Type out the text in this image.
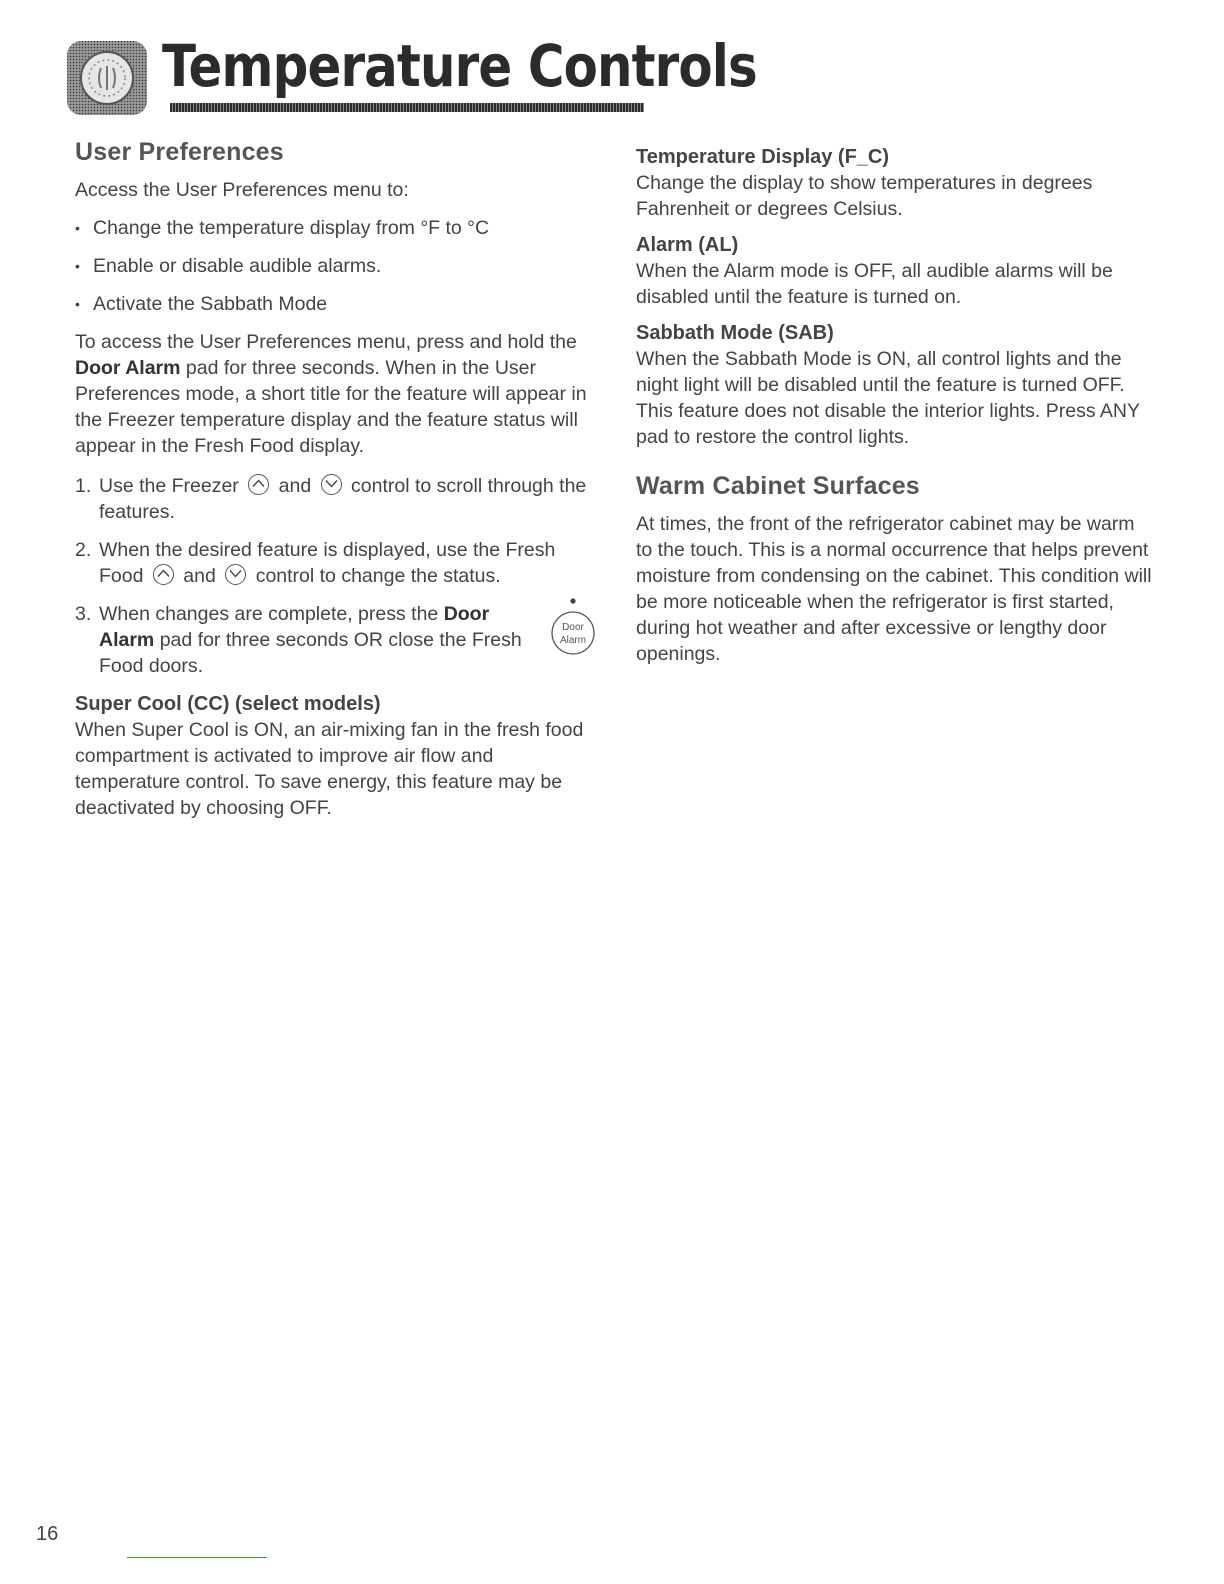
Temperature Controls
User Preferences

Access the User Preferences menu to:

• Change the temperature display from °F to °C
• Enable or disable audible alarms.
• Activate the Sabbath Mode

To access the User Preferences menu, press and hold the Door Alarm pad for three seconds. When in the User Preferences mode, a short title for the feature will appear in the Freezer temperature display and the feature status will appear in the Fresh Food display.

1. Use the Freezer and control to scroll through the features.
2. When the desired feature is displayed, use the Fresh Food and control to change the status.
3. When changes are complete, press the Door Alarm pad for three seconds OR close the Fresh Food doors.
Door
Alarm
Super Cool (CC) (select models)

When Super Cool is ON, an air-mixing fan in the fresh food compartment is activated to improve air flow and temperature control. To save energy, this feature may be deactivated by choosing OFF.

Temperature Display (F_C)

Change the display to show temperatures in degrees Fahrenheit or degrees Celsius.

Alarm (AL)

When the Alarm mode is OFF, all audible alarms will be disabled until the feature is turned on.

Sabbath Mode (SAB)

When the Sabbath Mode is ON, all control lights and the night light will be disabled until the feature is turned OFF. This feature does not disable the interior lights. Press ANY pad to restore the control lights.

Warm Cabinet Surfaces

At times, the front of the refrigerator cabinet may be warm to the touch. This is a normal occurrence that helps prevent moisture from condensing on the cabinet. This condition will be more noticeable when the refrigerator is first started, during hot weather and after excessive or lengthy door openings.

16
